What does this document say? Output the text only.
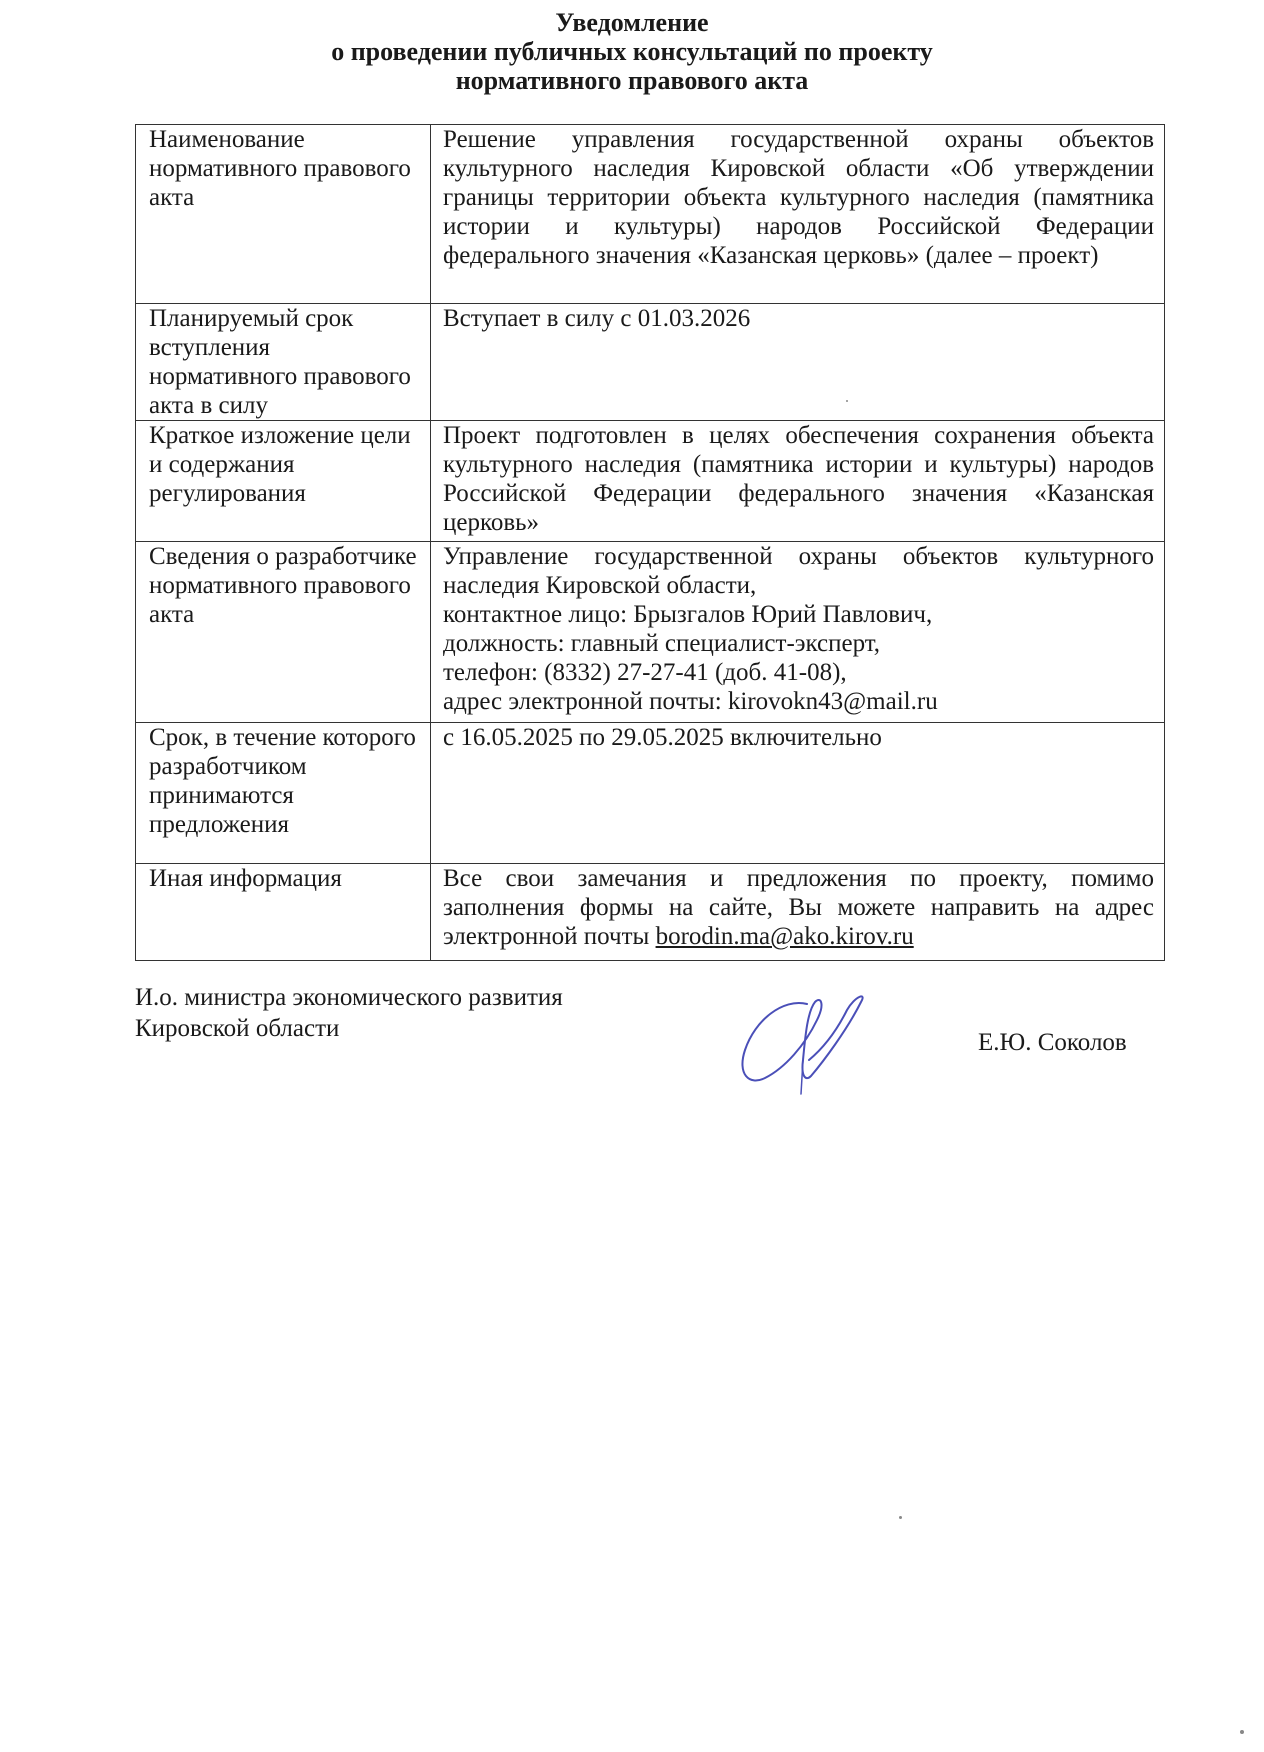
Уведомление
о проведении публичных консультаций по проекту
нормативного правового акта
Наименование нормативного правового акта	Решение управления государственной охраны объектов культурного наследия Кировской области «Об утверждении границы территории объекта культурного наследия (памятника истории и культуры) народов Российской Федерации федерального значения «Казанская церковь» (далее – проект)
Планируемый срок вступления нормативного правового акта в силу	Вступает в силу с 01.03.2026
Краткое изложение цели и содержания регулирования	Проект подготовлен в целях обеспечения сохранения объекта культурного наследия (памятника истории и культуры) народов Российской Федерации федерального значения «Казанская церковь»
Сведения о разработчике нормативного правового акта	Управление государственной охраны объектов культурного наследия Кировской области,
контактное лицо: Брызгалов Юрий Павлович,
должность: главный специалист-эксперт,
телефон: (8332) 27-27-41 (доб. 41-08),
адрес электронной почты: kirovokn43@mail.ru

Срок, в течение которого разработчиком принимаются предложения	с 16.05.2025 по 29.05.2025 включительно
Иная информация	Все свои замечания и предложения по проекту, помимо заполнения формы на сайте, Вы можете направить на адрес электронной почты borodin.ma@ako.kirov.ru
И.о. министра экономического развития
Кировской области
Е.Ю. Соколов
